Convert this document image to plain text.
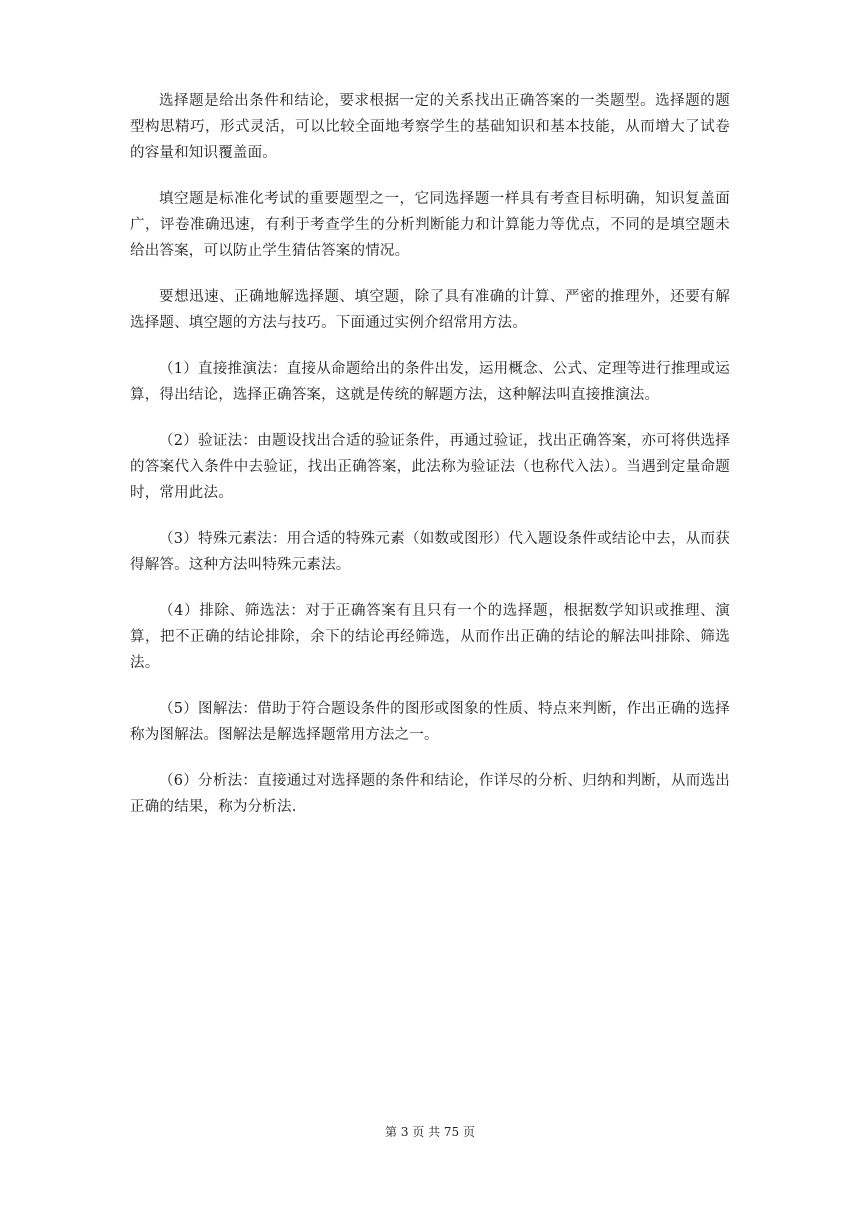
选择题是给出条件和结论，要求根据一定的关系找出正确答案的一类题型。选择题的题型构思精巧，形式灵活，可以比较全面地考察学生的基础知识和基本技能，从而增大了试卷的容量和知识覆盖面。

填空题是标准化考试的重要题型之一，它同选择题一样具有考查目标明确，知识复盖面广，评卷准确迅速，有利于考查学生的分析判断能力和计算能力等优点，不同的是填空题未给出答案，可以防止学生猜估答案的情况。

要想迅速、正确地解选择题、填空题，除了具有准确的计算、严密的推理外，还要有解选择题、填空题的方法与技巧。下面通过实例介绍常用方法。

（1）直接推演法：直接从命题给出的条件出发，运用概念、公式、定理等进行推理或运算，得出结论，选择正确答案，这就是传统的解题方法，这种解法叫直接推演法。

（2）验证法：由题设找出合适的验证条件，再通过验证，找出正确答案，亦可将供选择的答案代入条件中去验证，找出正确答案，此法称为验证法（也称代入法）。当遇到定量命题时，常用此法。

（3）特殊元素法：用合适的特殊元素（如数或图形）代入题设条件或结论中去，从而获得解答。这种方法叫特殊元素法。

（4）排除、筛选法：对于正确答案有且只有一个的选择题，根据数学知识或推理、演算，把不正确的结论排除，余下的结论再经筛选，从而作出正确的结论的解法叫排除、筛选法。

（5）图解法：借助于符合题设条件的图形或图象的性质、特点来判断，作出正确的选择称为图解法。图解法是解选择题常用方法之一。

（6）分析法：直接通过对选择题的条件和结论，作详尽的分析、归纳和判断，从而选出正确的结果，称为分析法.

第 3 页 共 75 页
